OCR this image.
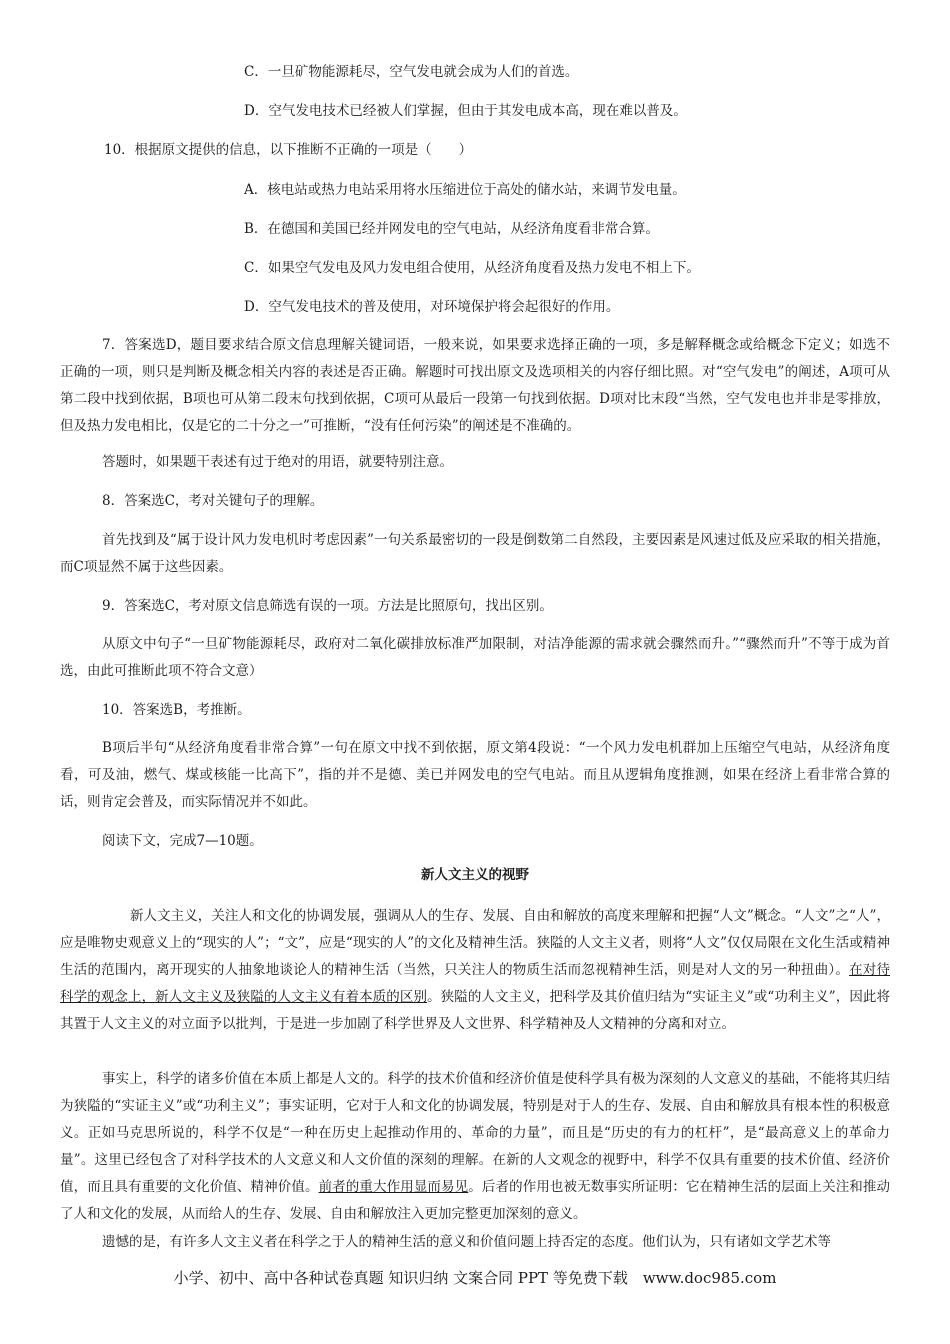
C．一旦矿物能源耗尽，空气发电就会成为人们的首选。
D．空气发电技术已经被人们掌握，但由于其发电成本高，现在难以普及。
10．根据原文提供的信息，以下推断不正确的一项是（　　）
A．核电站或热力电站采用将水压缩进位于高处的储水站，来调节发电量。
B．在德国和美国已经并网发电的空气电站，从经济角度看非常合算。
C．如果空气发电及风力发电组合使用，从经济角度看及热力发电不相上下。
D．空气发电技术的普及使用，对环境保护将会起很好的作用。
7．答案选D，题目要求结合原文信息理解关键词语，一般来说，如果要求选择正确的一项，多是解释概念或给概念下定义；如选不正确的一项，则只是判断及概念相关内容的表述是否正确。解题时可找出原文及选项相关的内容仔细比照。对“空气发电”的阐述，A项可从第二段中找到依据，B项也可从第二段末句找到依据，C项可从最后一段第一句找到依据。D项对比末段“当然，空气发电也并非是零排放，但及热力发电相比，仅是它的二十分之一”可推断，“没有任何污染”的阐述是不准确的。
答题时，如果题干表述有过于绝对的用语，就要特别注意。
8．答案选C，考对关键句子的理解。
首先找到及“属于设计风力发电机时考虑因素”一句关系最密切的一段是倒数第二自然段，主要因素是风速过低及应采取的相关措施，而C项显然不属于这些因素。
9．答案选C，考对原文信息筛选有误的一项。方法是比照原句，找出区别。
从原文中句子“一旦矿物能源耗尽，政府对二氧化碳排放标准严加限制，对洁净能源的需求就会骤然而升。”“骤然而升”不等于成为首选，由此可推断此项不符合文意）
10．答案选B，考推断。
B项后半句“从经济角度看非常合算”一句在原文中找不到依据，原文第4段说：“一个风力发电机群加上压缩空气电站，从经济角度看，可及油，燃气、煤或核能一比高下”，指的并不是德、美已并网发电的空气电站。而且从逻辑角度推测，如果在经济上看非常合算的话，则肯定会普及，而实际情况并不如此。
阅读下文，完成7—10题。
新人文主义的视野
新人文主义，关注人和文化的协调发展，强调从人的生存、发展、自由和解放的高度来理解和把握“人文”概念。“人文”之“人”，应是唯物史观意义上的“现实的人”；“文”，应是“现实的人”的文化及精神生活。狭隘的人文主义者，则将“人文”仅仅局限在文化生活或精神生活的范围内，离开现实的人抽象地谈论人的精神生活（当然，只关注人的物质生活而忽视精神生活，则是对人文的另一种扭曲）。在对待科学的观念上，新人文主义及狭隘的人文主义有着本质的区别。狭隘的人文主义，把科学及其价值归结为“实证主义”或“功利主义”，因此将其置于人文主义的对立面予以批判，于是进一步加剧了科学世界及人文世界、科学精神及人文精神的分离和对立。
事实上，科学的诸多价值在本质上都是人文的。科学的技术价值和经济价值是使科学具有极为深刻的人文意义的基础，不能将其归结为狭隘的“实证主义”或“功利主义”；事实证明，它对于人和文化的协调发展，特别是对于人的生存、发展、自由和解放具有根本性的积极意义。正如马克思所说的，科学不仅是“一种在历史上起推动作用的、革命的力量”，而且是“历史的有力的杠杆”，是“最高意义上的革命力量”。这里已经包含了对科学技术的人文意义和人文价值的深刻的理解。在新的人文观念的视野中，科学不仅具有重要的技术价值、经济价值，而且具有重要的文化价值、精神价值。前者的重大作用显而易见。后者的作用也被无数事实所证明：它在精神生活的层面上关注和推动了人和文化的发展，从而给人的生存、发展、自由和解放注入更加完整更加深刻的意义。
遗憾的是，有许多人文主义者在科学之于人的精神生活的意义和价值问题上持否定的态度。他们认为，只有诸如文学艺术等
小学、初中、高中各种试卷真题 知识归纳 文案合同 PPT 等免费下载　www.doc985.com
